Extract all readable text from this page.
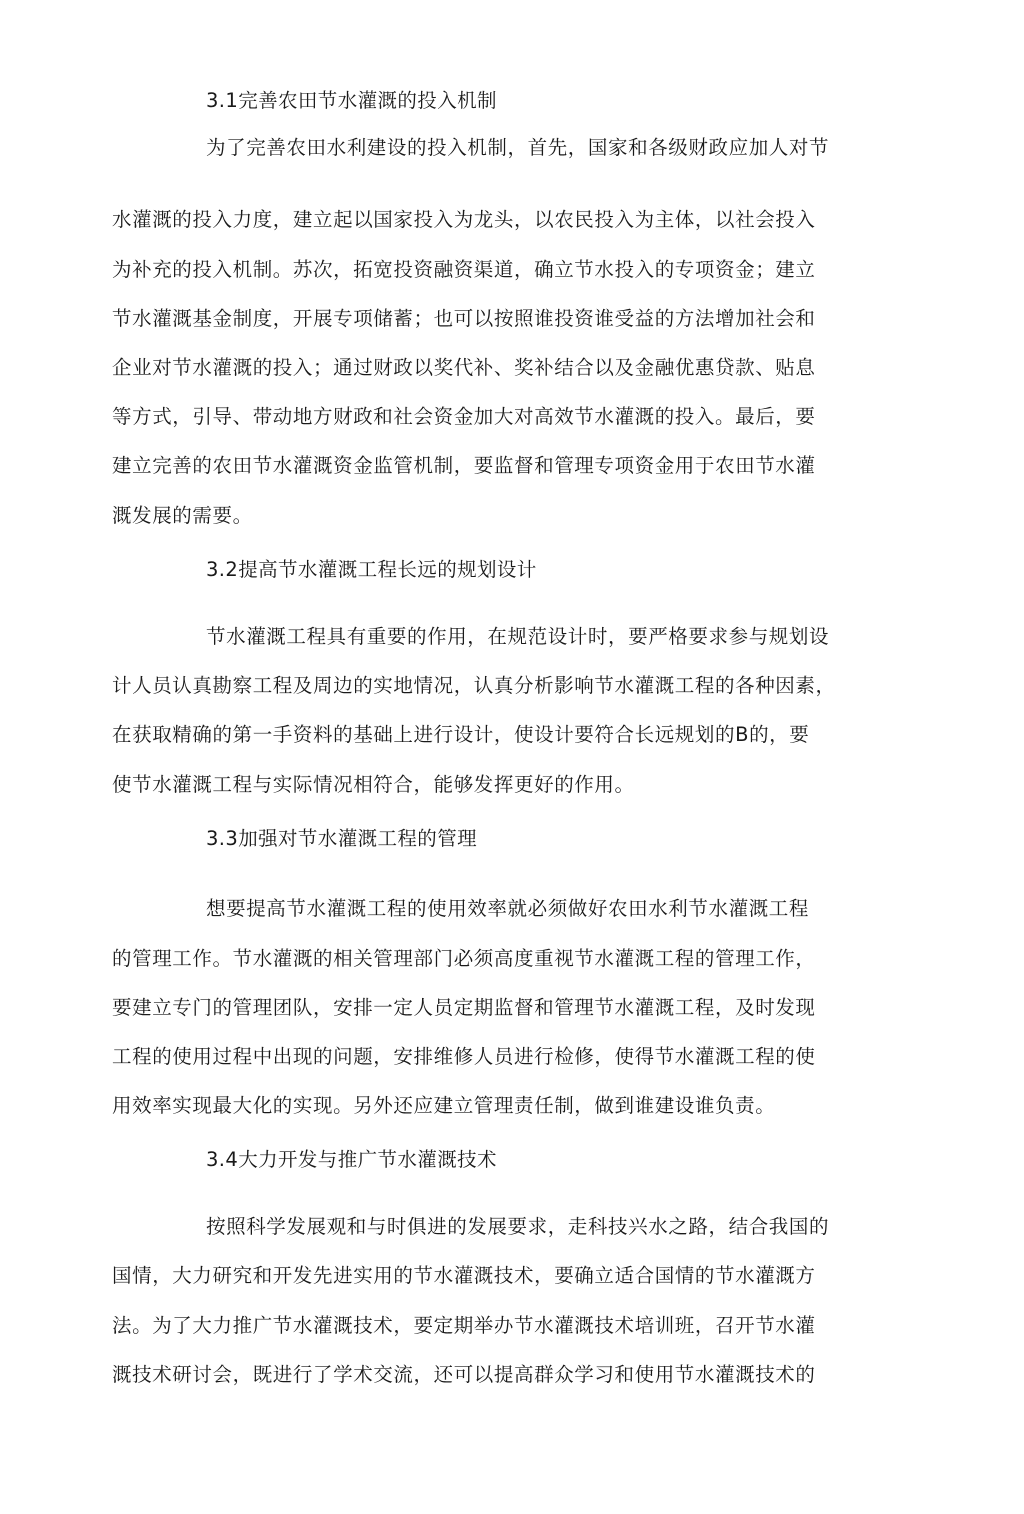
3.1完善农田节水灌溉的投入机制
为了完善农田水利建设的投入机制，首先，国家和各级财政应加人对节
水灌溉的投入力度，建立起以国家投入为龙头，以农民投入为主体，以社会投入
为补充的投入机制。苏次，拓宽投资融资渠道，确立节水投入的专项资金；建立
节水灌溉基金制度，开展专项储蓄；也可以按照谁投资谁受益的方法增加社会和
企业对节水灌溉的投入；通过财政以奖代补、奖补结合以及金融优惠贷款、贴息
等方式，引导、带动地方财政和社会资金加大对高效节水灌溉的投入。最后，要
建立完善的农田节水灌溉资金监管机制，要监督和管理专项资金用于农田节水灌
溉发展的需要。
3.2提高节水灌溉工程长远的规划设计
节水灌溉工程具有重要的作用，在规范设计时，要严格要求参与规划设
计人员认真勘察工程及周边的实地情况，认真分析影响节水灌溉工程的各种因素，
在获取精确的第一手资料的基础上进行设计，使设计要符合长远规划的B的，要
使节水灌溉工程与实际情况相符合，能够发挥更好的作用。
3.3加强对节水灌溉工程的管理
想要提高节水灌溉工程的使用效率就必须做好农田水利节水灌溉工程
的管理工作。节水灌溉的相关管理部门必须高度重视节水灌溉工程的管理工作，
要建立专门的管理团队，安排一定人员定期监督和管理节水灌溉工程，及时发现
工程的使用过程中出现的问题，安排维修人员进行检修，使得节水灌溉工程的使
用效率实现最大化的实现。另外还应建立管理责任制，做到谁建设谁负责。
3.4大力开发与推广节水灌溉技术
按照科学发展观和与时俱进的发展要求，走科技兴水之路，结合我国的
国情，大力研究和开发先进实用的节水灌溉技术，要确立适合国情的节水灌溉方
法。为了大力推广节水灌溉技术，要定期举办节水灌溉技术培训班，召开节水灌
溉技术研讨会，既进行了学术交流，还可以提高群众学习和使用节水灌溉技术的
